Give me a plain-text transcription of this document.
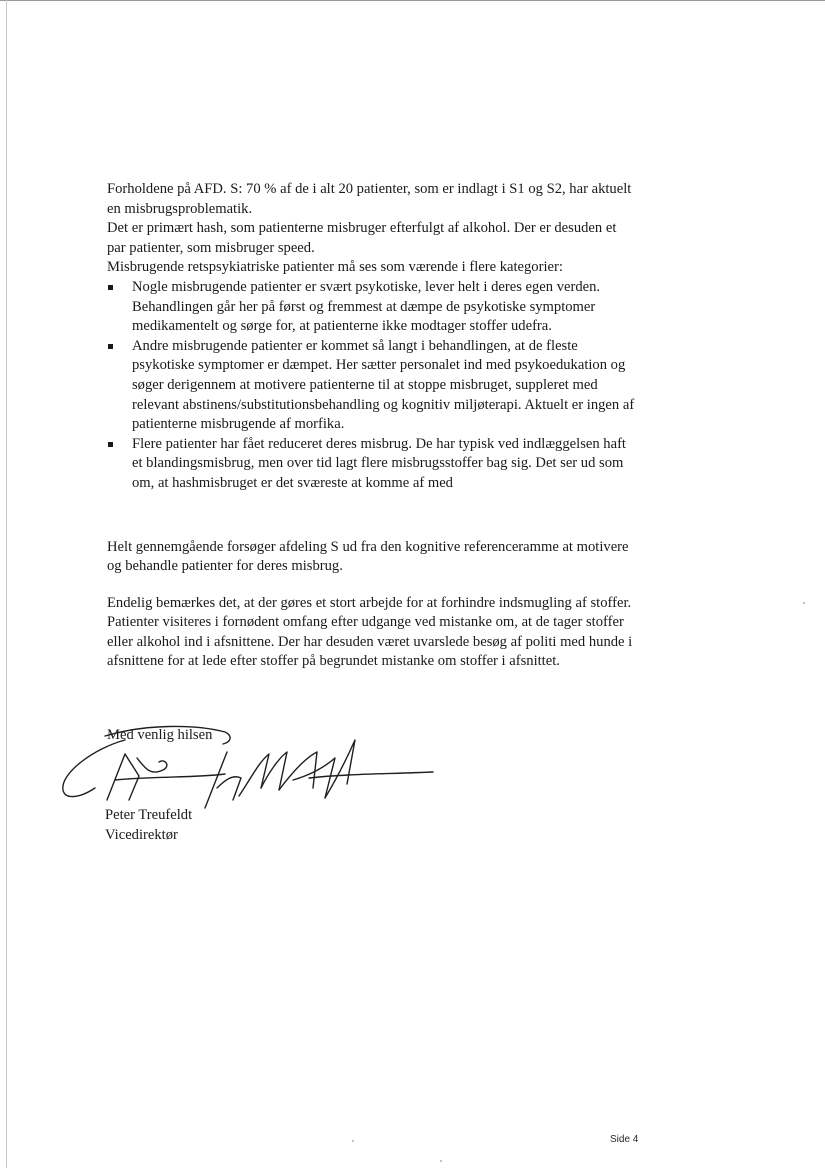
Forholdene på AFD. S: 70 % af de i alt 20 patienter, som er indlagt i S1 og S2, har aktuelt en misbrugsproblematik.

Det er primært hash, som patienterne misbruger efterfulgt af alkohol. Der er desuden et par patienter, som misbruger speed.

Misbrugende retspsykiatriske patienter må ses som værende i flere kategorier:

Nogle misbrugende patienter er svært psykotiske, lever helt i deres egen verden. Behandlingen går her på først og fremmest at dæmpe de psykotiske symptomer medikamentelt og sørge for, at patienterne ikke modtager stoffer udefra.
Andre misbrugende patienter er kommet så langt i behandlingen, at de fleste psykotiske symptomer er dæmpet. Her sætter personalet ind med psykoedukation og søger derigennem at motivere patienterne til at stoppe misbruget, suppleret med relevant abstinens/substitutionsbehandling og kognitiv miljøterapi. Aktuelt er ingen af patienterne misbrugende af morfika.
Flere patienter har fået reduceret deres misbrug. De har typisk ved indlæggelsen haft et blandingsmisbrug, men over tid lagt flere misbrugsstoffer bag sig. Det ser ud som om, at hashmisbruget er det sværeste at komme af med

Helt gennemgående forsøger afdeling S ud fra den kognitive referenceramme at motivere og behandle patienter for deres misbrug.

Endelig bemærkes det, at der gøres et stort arbejde for at forhindre indsmugling af stoffer. Patienter visiteres i fornødent omfang efter udgange ved mistanke om, at de tager stoffer eller alkohol ind i afsnittene. Der har desuden været uvarslede besøg af politi med hunde i afsnittene for at lede efter stoffer på begrundet mistanke om stoffer i afsnittet.

Med venlig hilsen
Peter Treufeldt
Vicedirektør
Side 4
